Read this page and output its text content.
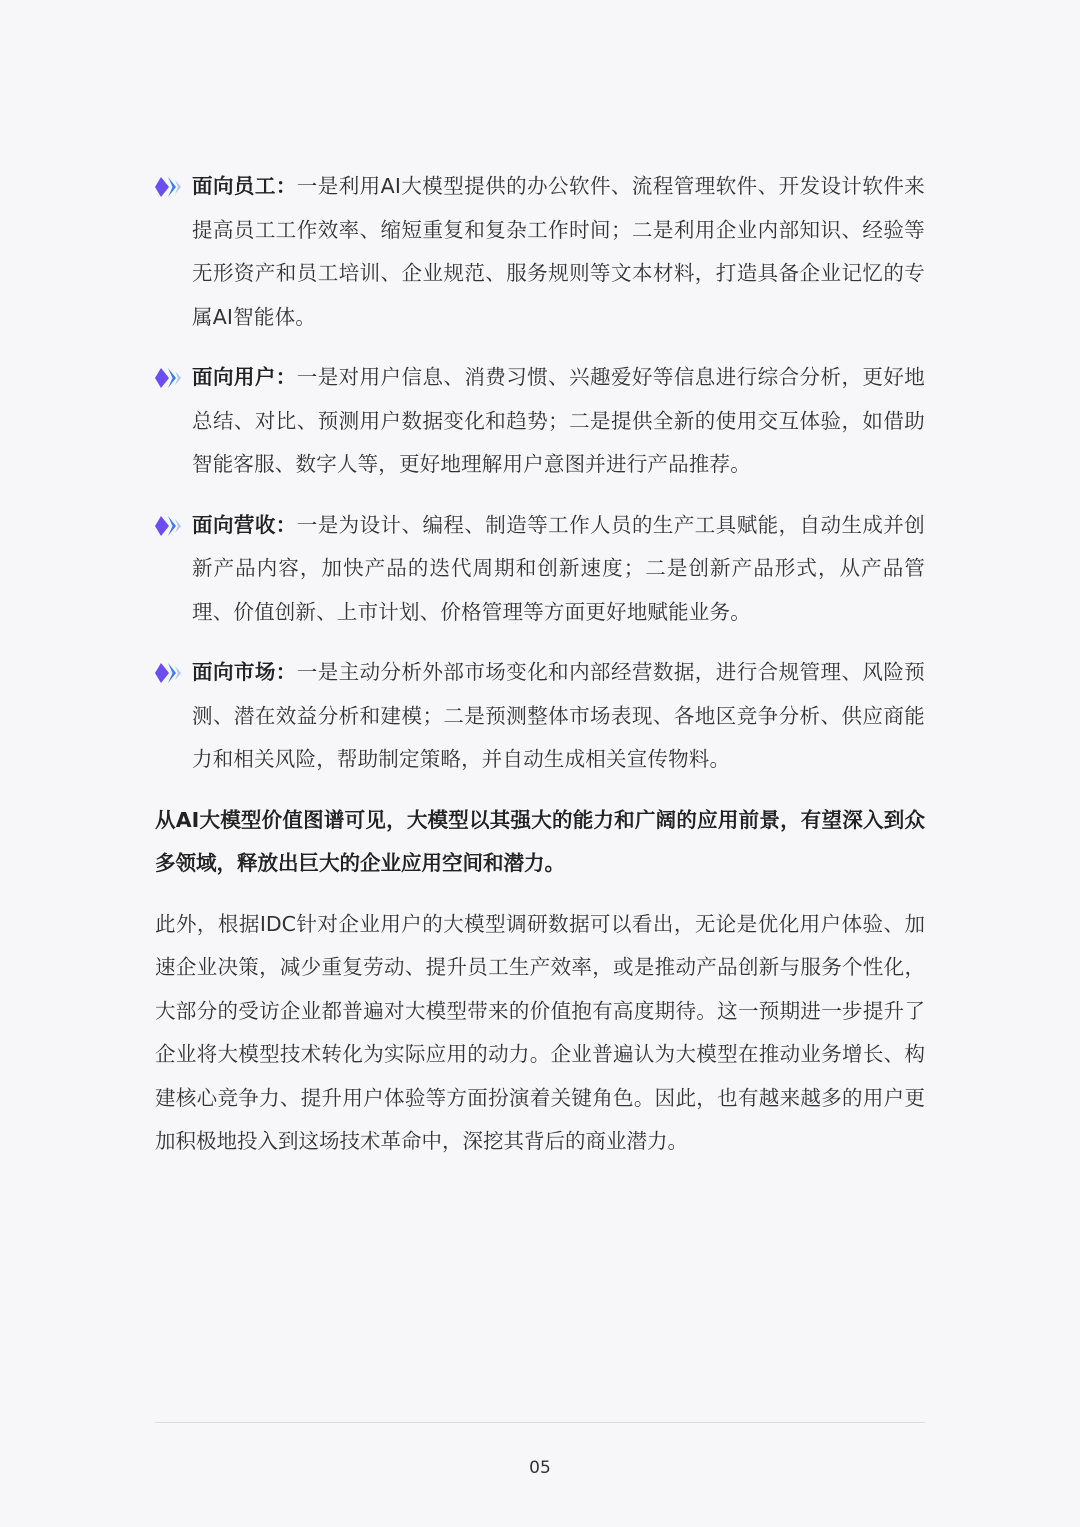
面向员工：一是利用AI大模型提供的办公软件、流程管理软件、开发设计软件来提高员工工作效率、缩短重复和复杂工作时间；二是利用企业内部知识、经验等无形资产和员工培训、企业规范、服务规则等文本材料，打造具备企业记忆的专属AI智能体。
面向用户：一是对用户信息、消费习惯、兴趣爱好等信息进行综合分析，更好地总结、对比、预测用户数据变化和趋势；二是提供全新的使用交互体验，如借助智能客服、数字人等，更好地理解用户意图并进行产品推荐。
面向营收：一是为设计、编程、制造等工作人员的生产工具赋能，自动生成并创新产品内容，加快产品的迭代周期和创新速度；二是创新产品形式，从产品管理、价值创新、上市计划、价格管理等方面更好地赋能业务。
面向市场：一是主动分析外部市场变化和内部经营数据，进行合规管理、风险预测、潜在效益分析和建模；二是预测整体市场表现、各地区竞争分析、供应商能力和相关风险，帮助制定策略，并自动生成相关宣传物料。
从AI大模型价值图谱可见，大模型以其强大的能力和广阔的应用前景，有望深入到众多领域，释放出巨大的企业应用空间和潜力。
此外，根据IDC针对企业用户的大模型调研数据可以看出，无论是优化用户体验、加速企业决策，减少重复劳动、提升员工生产效率，或是推动产品创新与服务个性化，大部分的受访企业都普遍对大模型带来的价值抱有高度期待。这一预期进一步提升了企业将大模型技术转化为实际应用的动力。企业普遍认为大模型在推动业务增长、构建核心竞争力、提升用户体验等方面扮演着关键角色。因此，也有越来越多的用户更加积极地投入到这场技术革命中，深挖其背后的商业潜力。
05
